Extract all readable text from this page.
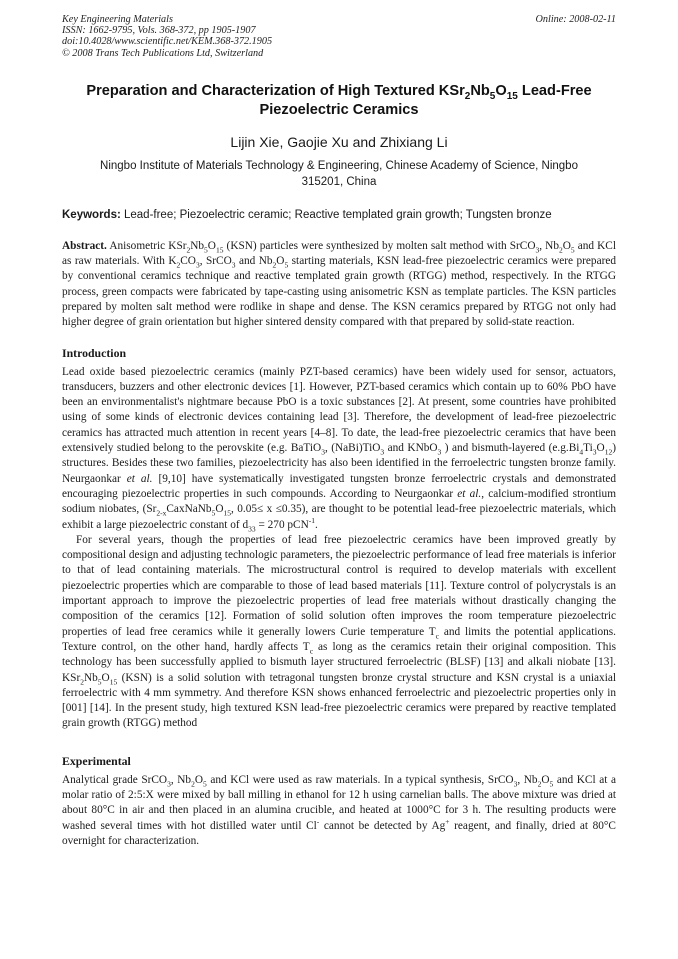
Key Engineering Materials
ISSN: 1662-9795, Vols. 368-372, pp 1905-1907
doi:10.4028/www.scientific.net/KEM.368-372.1905
© 2008 Trans Tech Publications Ltd, Switzerland
Online: 2008-02-11
Preparation and Characterization of High Textured $KSr_2Nb_5O_{15}$ Lead-Free Piezoelectric Ceramics
Lijin Xie, Gaojie Xu and Zhixiang Li
Ningbo Institute of Materials Technology & Engineering, Chinese Academy of Science, Ningbo
315201, China
Keywords: Lead-free; Piezoelectric ceramic; Reactive templated grain growth; Tungsten bronze
Abstract. Anisometric $KSr_2Nb_5O_{15}$ (KSN) particles were synthesized by molten salt method with SrCO$_3$, $Nb_2O_5$ and KCl as raw materials. With $K_2CO_3$, SrCO$_3$ and $Nb_2O_5$ starting materials, KSN lead-free piezoelectric ceramics were prepared by conventional ceramics technique and reactive templated grain growth (RTGG) method, respectively. In the RTGG process, green compacts were fabricated by tape-casting using anisometric KSN as template particles. The KSN particles prepared by molten salt method were rodlike in shape and dense. The KSN ceramics prepared by RTGG not only had higher degree of grain orientation but higher sintered density compared with that prepared by solid-state reaction.
Introduction

Lead oxide based piezoelectric ceramics (mainly PZT-based ceramics) have been widely used for sensor, actuators, transducers, buzzers and other electronic devices [1]. However, PZT-based ceramics which contain up to 60% PbO have been an environmentalist's nightmare because PbO is a toxic substances [2]. At present, some countries have prohibited using of some kinds of electronic devices containing lead [3]. Therefore, the development of lead-free piezoelectric ceramics has attracted much attention in recent years [4–8]. To date, the lead-free piezoelectric ceramics that have been extensively studied belong to the perovskite (e.g. BaTiO$_3$, (NaBi)TiO$_3$ and KNbO$_3$ ) and bismuth-layered $(e.g.Bi_4Ti_3O_{12})$ structures. Besides these two families, piezoelectricity has also been identified in the ferroelectric tungsten bronze family. Neurgaonkar et al. [9,10] have systematically investigated tungsten bronze ferroelectric crystals and demonstrated encouraging piezoelectric properties in such compounds. According to Neurgaonkar et al., calcium-modified strontium sodium niobates, ($Sr_{2-x}CaxNaNb_5O_{15}$, 0.05≤ x ≤0.35), are thought to be potential lead-free piezoelectric materials, which exhibit a large piezoelectric constant of $d_{33} = 270$ pCN$^{-1}$.

For several years, though the properties of lead free piezoelectric ceramics have been improved greatly by compositional design and adjusting technologic parameters, the piezoelectric performance of lead free materials is inferior to that of lead containing materials. The microstructural control is required to develop materials with excellent piezoelectric properties which are comparable to those of lead based materials [11]. Texture control of polycrystals is an important approach to improve the piezoelectric properties of lead free materials without drastically changing the composition of the ceramics [12]. Formation of solid solution often improves the room temperature piezoelectric properties of lead free ceramics while it generally lowers Curie temperature $T_c$ and limits the potential applications. Texture control, on the other hand, hardly affects $T_c$ as long as the ceramics retain their original composition. This technology has been successfully applied to bismuth layer structured ferroelectric (BLSF) [13] and alkali niobate [13]. $KSr_2Nb_5O_{15}$ (KSN) is a solid solution with tetragonal tungsten bronze crystal structure and KSN crystal is a uniaxial ferroelectric with 4 mm symmetry. And therefore KSN shows enhanced ferroelectric and piezoelectric properties only in [001] [14]. In the present study, high textured KSN lead-free piezoelectric ceramics were prepared by reactive templated grain growth (RTGG) method

Experimental

Analytical grade SrCO$_3$, $Nb_2O_5$ and KCl were used as raw materials. In a typical synthesis, SrCO$_3$, $Nb_2O_5$ and KCl at a molar ratio of 2:5:X were mixed by ball milling in ethanol for 12 h using carnelian balls. The above mixture was dried at about 80°C in air and then placed in an alumina crucible, and heated at 1000°C for 3 h. The resulting products were washed several times with hot distilled water until Cl- cannot be detected by Ag+ reagent, and finally, dried at 80°C overnight for characterization.
